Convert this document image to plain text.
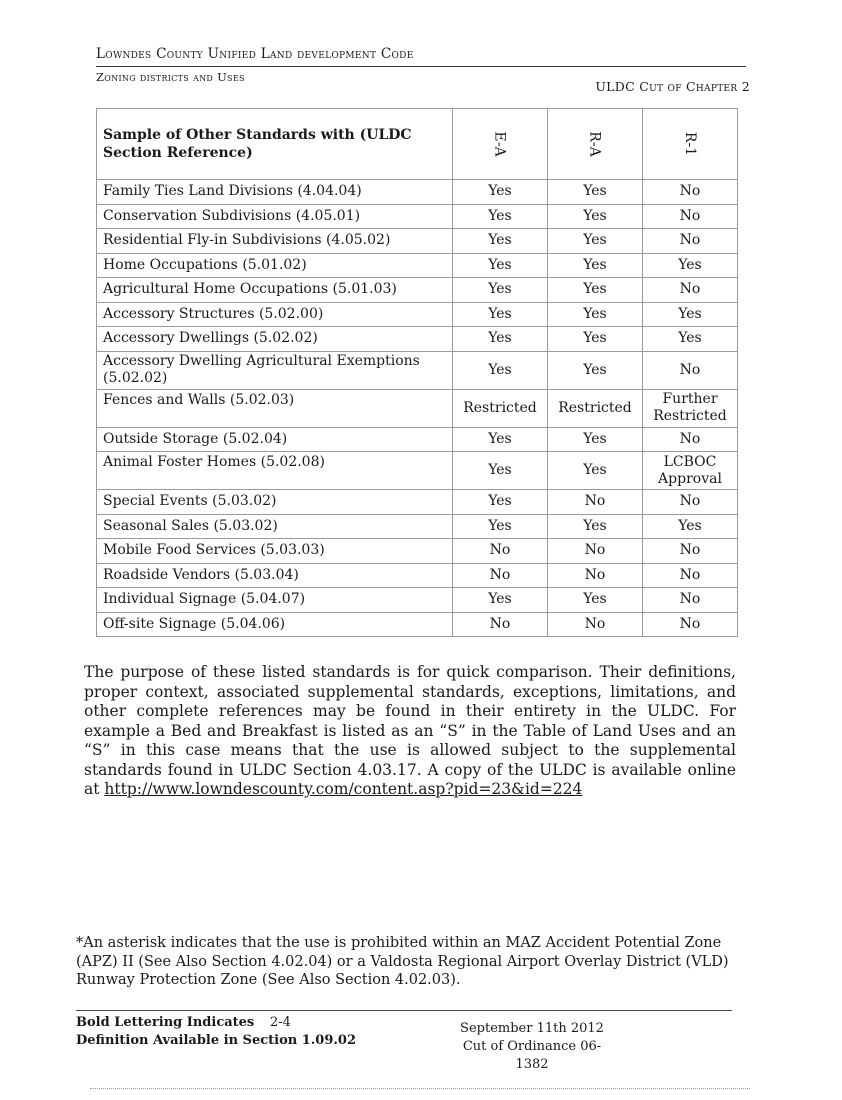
Lowndes County Unified Land development Code
Zoning districts and Uses
ULDC Cut of Chapter 2
Sample of Other Standards with (ULDC Section Reference)	E-A	R-A	R-1
Family Ties Land Divisions (4.04.04)	Yes	Yes	No
Conservation Subdivisions (4.05.01)	Yes	Yes	No
Residential Fly-in Subdivisions (4.05.02)	Yes	Yes	No
Home Occupations (5.01.02)	Yes	Yes	Yes
Agricultural Home Occupations (5.01.03)	Yes	Yes	No
Accessory Structures (5.02.00)	Yes	Yes	Yes
Accessory Dwellings (5.02.02)	Yes	Yes	Yes
Accessory Dwelling Agricultural Exemptions (5.02.02)	Yes	Yes	No
Fences and Walls (5.02.03)	Restricted	Restricted	Further Restricted
Outside Storage (5.02.04)	Yes	Yes	No
Animal Foster Homes (5.02.08)	Yes	Yes	LCBOC Approval
Special Events (5.03.02)	Yes	No	No
Seasonal Sales (5.03.02)	Yes	Yes	Yes
Mobile Food Services (5.03.03)	No	No	No
Roadside Vendors (5.03.04)	No	No	No
Individual Signage (5.04.07)	Yes	Yes	No
Off-site Signage (5.04.06)	No	No	No
The purpose of these listed standards is for quick comparison. Their definitions, proper context, associated supplemental standards, exceptions, limitations, and other complete references may be found in their entirety in the ULDC. For example a Bed and Breakfast is listed as an “S” in the Table of Land Uses and an “S” in this case means that the use is allowed subject to the supplemental standards found in ULDC Section 4.03.17. A copy of the ULDC is available online at http://www.lowndescounty.com/content.asp?pid=23&id=224
*An asterisk indicates that the use is prohibited within an MAZ Accident Potential Zone (APZ) II (See Also Section 4.02.04) or a Valdosta Regional Airport Overlay District (VLD) Runway Protection Zone (See Also Section 4.02.03).
Bold Lettering Indicates
Definition Available in Section 1.09.02
2-4	September 11th 2012
Cut of Ordinance 06-1382
